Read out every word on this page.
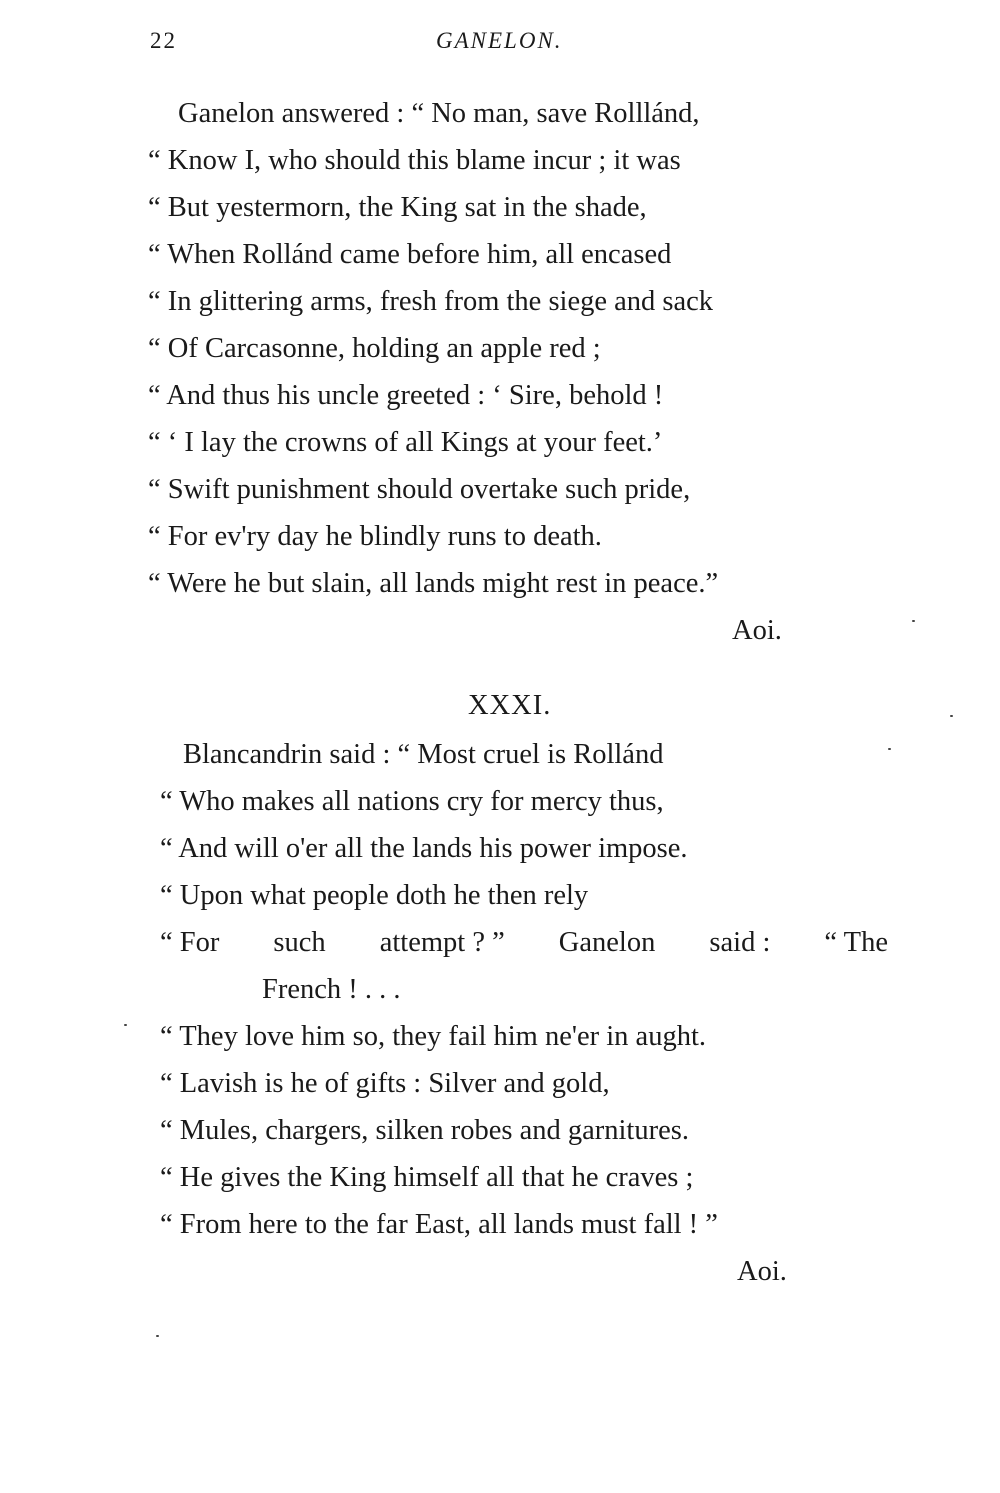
22	GANELON.
Ganelon answered : “ No man, save Rolllánd,
“ Know I, who should this blame incur ; it was
“ But yestermorn, the King sat in the shade,
“ When Rollánd came before him, all encased
“ In glittering arms, fresh from the siege and sack
“ Of Carcasonne, holding an apple red ;
“ And thus his uncle greeted : ‘ Sire, behold !
“ ‘ I lay the crowns of all Kings at your feet.’
“ Swift punishment should overtake such pride,
“ For ev'ry day he blindly runs to death.
“ Were he but slain, all lands might rest in peace.”
Aoi.
XXXI.
Blancandrin said : “ Most cruel is Rollánd
“ Who makes all nations cry for mercy thus,
“ And will o'er all the lands his power impose.
“ Upon what people doth he then rely
“ For such attempt ? ” Ganelon said : “ The
French ! . . .
“ They love him so, they fail him ne'er in aught.
“ Lavish is he of gifts : Silver and gold,
“ Mules, chargers, silken robes and garnitures.
“ He gives the King himself all that he craves ;
“ From here to the far East, all lands must fall ! ”
Aoi.
